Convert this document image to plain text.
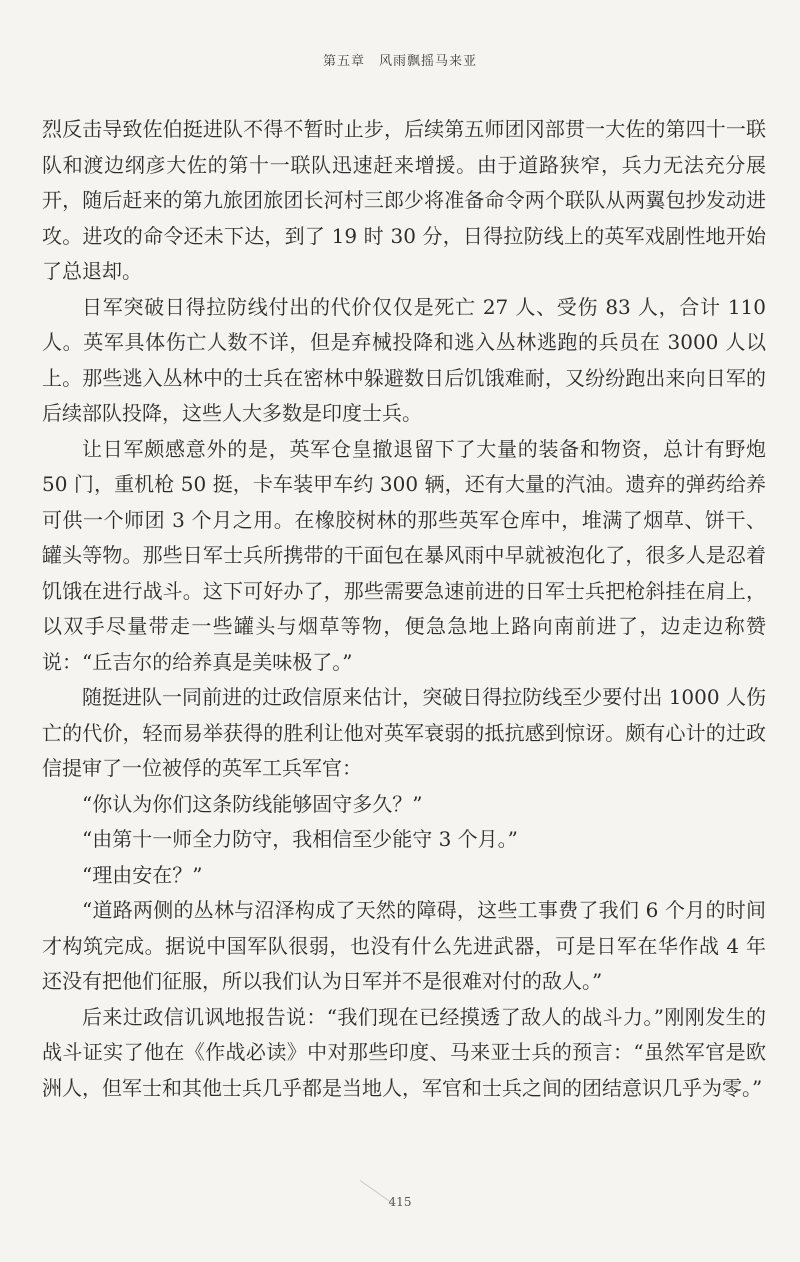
第五章　风雨飘摇马来亚

烈反击导致佐伯挺进队不得不暂时止步，后续第五师团冈部贯一大佐的第四十一联队和渡边纲彦大佐的第十一联队迅速赶来增援。由于道路狭窄，兵力无法充分展开，随后赶来的第九旅团旅团长河村三郎少将准备命令两个联队从两翼包抄发动进攻。进攻的命令还未下达，到了 19 时 30 分，日得拉防线上的英军戏剧性地开始了总退却。

日军突破日得拉防线付出的代价仅仅是死亡 27 人、受伤 83 人，合计 110 人。英军具体伤亡人数不详，但是弃械投降和逃入丛林逃跑的兵员在 3000 人以上。那些逃入丛林中的士兵在密林中躲避数日后饥饿难耐，又纷纷跑出来向日军的后续部队投降，这些人大多数是印度士兵。

让日军颇感意外的是，英军仓皇撤退留下了大量的装备和物资，总计有野炮 50 门，重机枪 50 挺，卡车装甲车约 300 辆，还有大量的汽油。遗弃的弹药给养可供一个师团 3 个月之用。在橡胶树林的那些英军仓库中，堆满了烟草、饼干、罐头等物。那些日军士兵所携带的干面包在暴风雨中早就被泡化了，很多人是忍着饥饿在进行战斗。这下可好办了，那些需要急速前进的日军士兵把枪斜挂在肩上，以双手尽量带走一些罐头与烟草等物，便急急地上路向南前进了，边走边称赞说：“丘吉尔的给养真是美味极了。”

随挺进队一同前进的辻政信原来估计，突破日得拉防线至少要付出 1000 人伤亡的代价，轻而易举获得的胜利让他对英军衰弱的抵抗感到惊讶。颇有心计的辻政信提审了一位被俘的英军工兵军官：

“你认为你们这条防线能够固守多久？”

“由第十一师全力防守，我相信至少能守 3 个月。”

“理由安在？”

“道路两侧的丛林与沼泽构成了天然的障碍，这些工事费了我们 6 个月的时间才构筑完成。据说中国军队很弱，也没有什么先进武器，可是日军在华作战 4 年还没有把他们征服，所以我们认为日军并不是很难对付的敌人。”

后来辻政信讥讽地报告说：“我们现在已经摸透了敌人的战斗力。”刚刚发生的战斗证实了他在《作战必读》中对那些印度、马来亚士兵的预言：“虽然军官是欧洲人，但军士和其他士兵几乎都是当地人，军官和士兵之间的团结意识几乎为零。”

415
